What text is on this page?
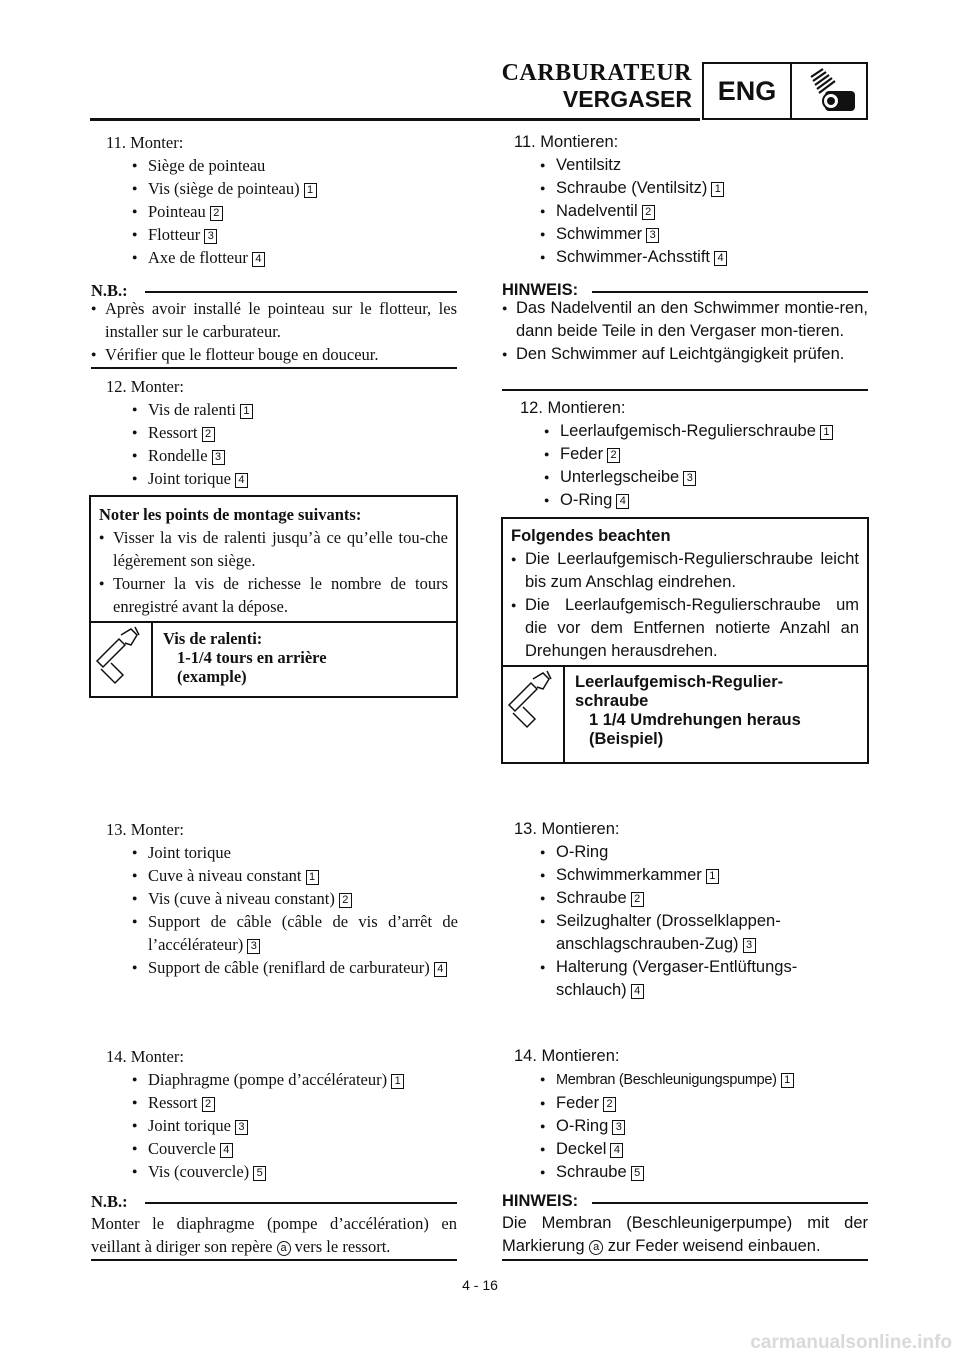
CARBURATEUR
VERGASER ENG
11. Monter:
● Siège de pointeau
● Vis (siège de pointeau) 1
● Pointeau 2
● Flotteur 3
● Axe de flotteur 4
N.B.:
● Après avoir installé le pointeau sur le flotteur, les installer sur le carburateur.
● Vérifier que le flotteur bouge en douceur.
12. Monter:
● Vis de ralenti 1
● Ressort 2
● Rondelle 3
● Joint torique 4
Noter les points de montage suivants:
● Visser la vis de ralenti jusqu’à ce qu’elle tou-che légèrement son siège.
● Tourner la vis de richesse le nombre de tours enregistré avant la dépose.
Vis de ralenti:
1-1/4 tours en arrière
(example)
13. Monter:
● Joint torique
● Cuve à niveau constant 1
● Vis (cuve à niveau constant) 2
● Support de câble (câble de vis d’arrêt de l’accélérateur) 3
● Support de câble (reniflard de carburateur) 4
14. Monter:
● Diaphragme (pompe d’accélérateur) 1
● Ressort 2
● Joint torique 3
● Couvercle 4
● Vis (couvercle) 5
N.B.:
Monter le diaphragme (pompe d’accélération) en veillant à diriger son repère a vers le ressort.
11. Montieren:
● Ventilsitz
● Schraube (Ventilsitz) 1
● Nadelventil 2
● Schwimmer 3
● Schwimmer-Achsstift 4
HINWEIS:
● Das Nadelventil an den Schwimmer montie-ren, dann beide Teile in den Vergaser mon-tieren.
● Den Schwimmer auf Leichtgängigkeit prüfen.
12. Montieren:
● Leerlaufgemisch-Regulierschraube 1
● Feder 2
● Unterlegscheibe 3
● O-Ring 4
Folgendes beachten
● Die Leerlaufgemisch-Regulierschraube leicht bis zum Anschlag eindrehen.
● Die Leerlaufgemisch-Regulierschraube um die vor dem Entfernen notierte Anzahl an Drehungen herausdrehen.
Leerlaufgemisch-Regulier-
schraube
1 1/4 Umdrehungen heraus
(Beispiel)
13. Montieren:
● O-Ring
● Schwimmerkammer 1
● Schraube 2
● Seilzughalter (Drosselklappen-anschlagschrauben-Zug) 3
● Halterung (Vergaser-Entlüftungs-schlauch) 4
14. Montieren:
● Membran (Beschleunigungspumpe) 1
● Feder 2
● O-Ring 3
● Deckel 4
● Schraube 5
HINWEIS:
Die Membran (Beschleunigerpumpe) mit der Markierung a zur Feder weisend einbauen.
4 - 16
carmanualsonline.info
